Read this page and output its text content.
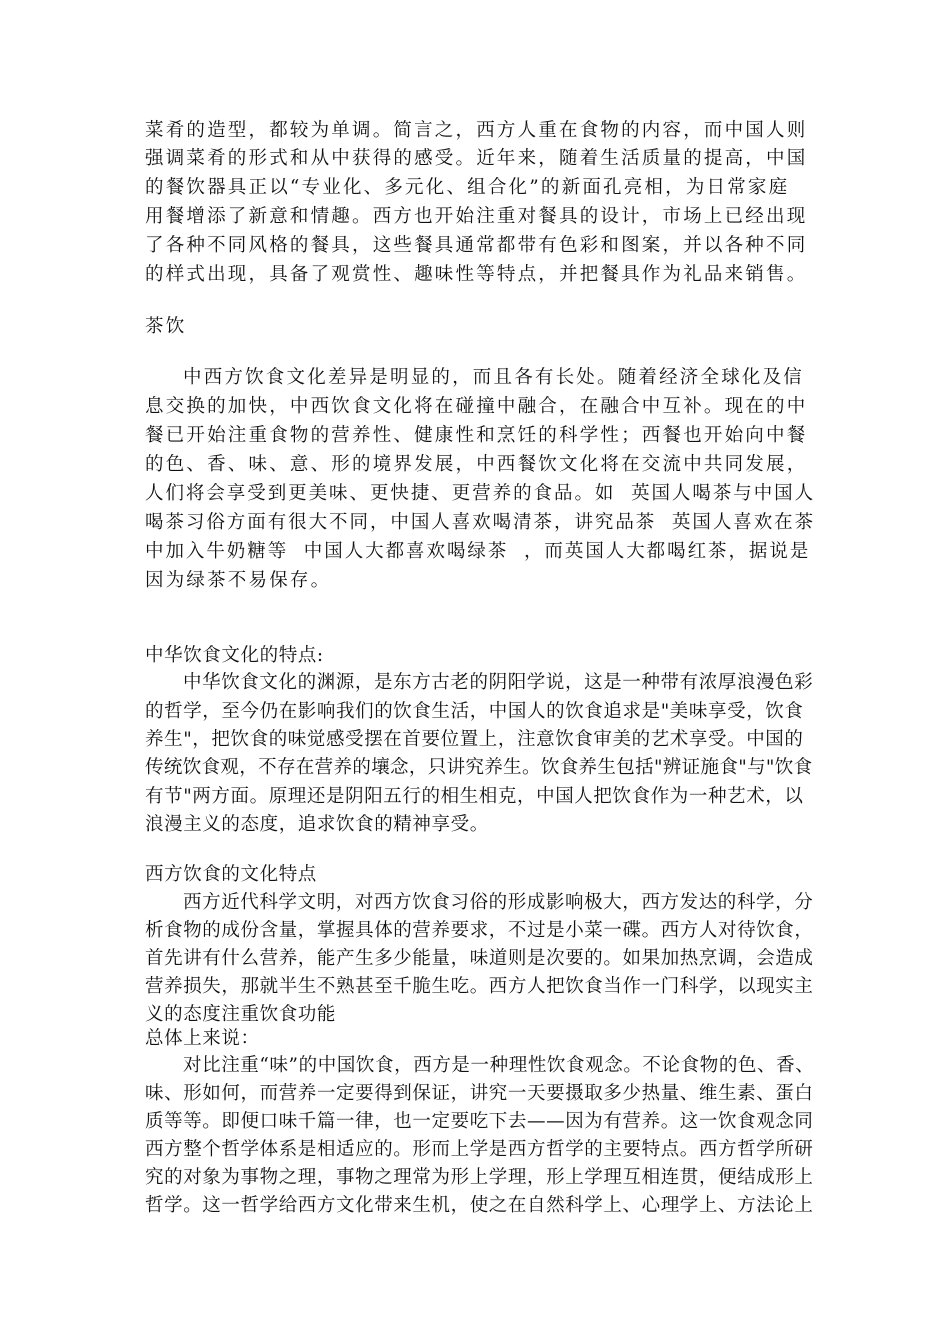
菜肴的造型，都较为单调。简言之，西方人重在食物的内容，而中国人则
强调菜肴的形式和从中获得的感受。近年来，随着生活质量的提高，中国
的餐饮器具正以“专业化、多元化、组合化”的新面孔亮相，为日常家庭
用餐增添了新意和情趣。西方也开始注重对餐具的设计，市场上已经出现
了各种不同风格的餐具，这些餐具通常都带有色彩和图案，并以各种不同
的样式出现，具备了观赏性、趣味性等特点，并把餐具作为礼品来销售。
茶饮
中西方饮食文化差异是明显的，而且各有长处。随着经济全球化及信
息交换的加快，中西饮食文化将在碰撞中融合，在融合中互补。现在的中
餐已开始注重食物的营养性、健康性和烹饪的科学性；西餐也开始向中餐
的色、香、味、意、形的境界发展，中西餐饮文化将在交流中共同发展，
人们将会享受到更美味、更快捷、更营养的食品。如  英国人喝茶与中国人
喝茶习俗方面有很大不同，中国人喜欢喝清茶，讲究品茶  英国人喜欢在茶
中加入牛奶糖等  中国人大都喜欢喝绿茶  ，而英国人大都喝红茶，据说是
因为绿茶不易保存。
中华饮食文化的特点:
中华饮食文化的渊源，是东方古老的阴阳学说，这是一种带有浓厚浪漫色彩
的哲学，至今仍在影响我们的饮食生活，中国人的饮食追求是"美味享受，饮食
养生"，把饮食的味觉感受摆在首要位置上，注意饮食审美的艺术享受。中国的
传统饮食观，不存在营养的壤念，只讲究养生。饮食养生包括"辨证施食"与"饮食
有节"两方面。原理还是阴阳五行的相生相克，中国人把饮食作为一种艺术，以
浪漫主义的态度，追求饮食的精神享受。
西方饮食的文化特点
西方近代科学文明，对西方饮食习俗的形成影响极大，西方发达的科学，分
析食物的成份含量，掌握具体的营养要求，不过是小菜一碟。西方人对待饮食，
首先讲有什么营养，能产生多少能量，味道则是次要的。如果加热烹调，会造成
营养损失，那就半生不熟甚至千脆生吃。西方人把饮食当作一门科学，以现实主
义的态度注重饮食功能
总体上来说：
对比注重“味”的中国饮食，西方是一种理性饮食观念。不论食物的色、香、
味、形如何，而营养一定要得到保证，讲究一天要摄取多少热量、维生素、蛋白
质等等。即便口味千篇一律，也一定要吃下去——因为有营养。这一饮食观念同
西方整个哲学体系是相适应的。形而上学是西方哲学的主要特点。西方哲学所研
究的对象为事物之理，事物之理常为形上学理，形上学理互相连贯，便结成形上
哲学。这一哲学给西方文化带来生机，使之在自然科学上、心理学上、方法论上
